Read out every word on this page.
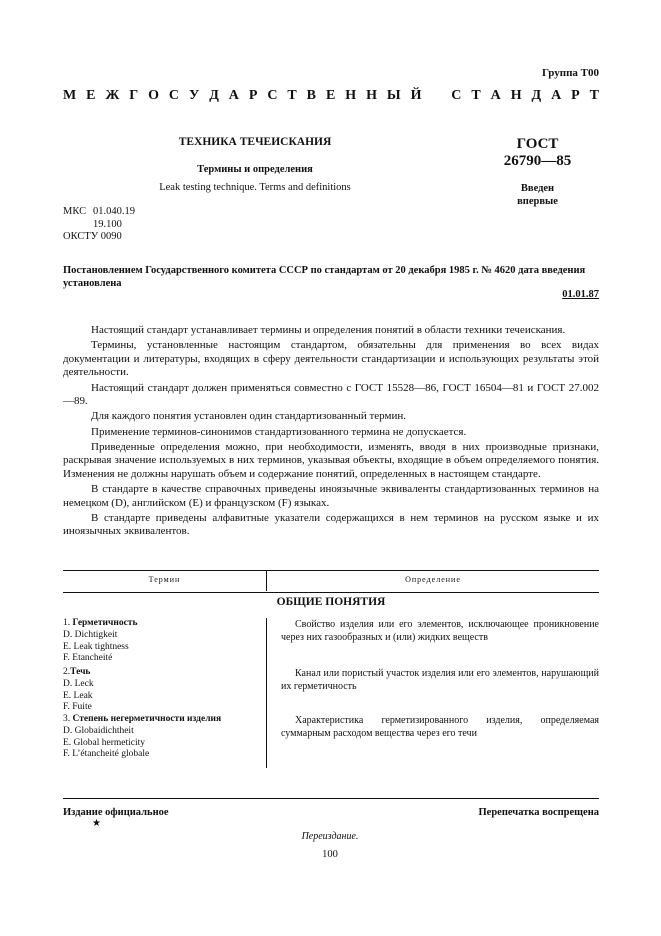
Группа Т00
М Е Ж Г О С У Д А Р С Т В Е Н Н Ы Й С Т А Н Д А Р Т
ТЕХНИКА ТЕЧЕИСКАНИЯ
Термины и определения
Leak testing technique. Terms and definitions
ГОСТ
26790—85
Введен
впервые
МКС 01.040.19
19.100
ОКСТУ 0090
Постановлением Государственного комитета СССР по стандартам от 20 декабря 1985 г. № 4620 дата введения установлена
01.01.87

Настоящий стандарт устанавливает термины и определения понятий в области техники течеискания.

Термины, установленные настоящим стандартом, обязательны для применения во всех видах документации и литературы, входящих в сферу деятельности стандартизации и использующих результаты этой деятельности.

Настоящий стандарт должен применяться совместно с ГОСТ 15528—86, ГОСТ 16504—81 и ГОСТ 27.002—89.

Для каждого понятия установлен один стандартизованный термин.

Применение терминов-синонимов стандартизованного термина не допускается.

Приведенные определения можно, при необходимости, изменять, вводя в них производные признаки, раскрывая значение используемых в них терминов, указывая объекты, входящие в объем определяемого понятия. Изменения не должны нарушать объем и содержание понятий, определенных в настоящем стандарте.

В стандарте в качестве справочных приведены иноязычные эквиваленты стандартизованных терминов на немецком (D), английском (E) и французском (F) языках.

В стандарте приведены алфавитные указатели содержащихся в нем терминов на русском языке и их иноязычных эквивалентов.

Термин	Определение
ОБЩИЕ ПОНЯТИЯ
1. Герметичность
D. Dichtigkeit
E. Leak tightness
F. Etancheité
Свойство изделия или его элементов, исключающее проникновение через них газообразных и (или) жидких веществ
2.Течь
D. Leck
E. Leak
F. Fuite
Канал или пористый участок изделия или его элементов, нарушающий их герметичность
3. Степень негерметичности изделия
D. Globaidichtheit
E. Global hermeticity
F. L’étancheité globale
Характеристика герметизированного изделия, определяемая суммарным расходом вещества через его течи
Издание официальное
★
Перепечатка воспрещена
Переиздание.
100
